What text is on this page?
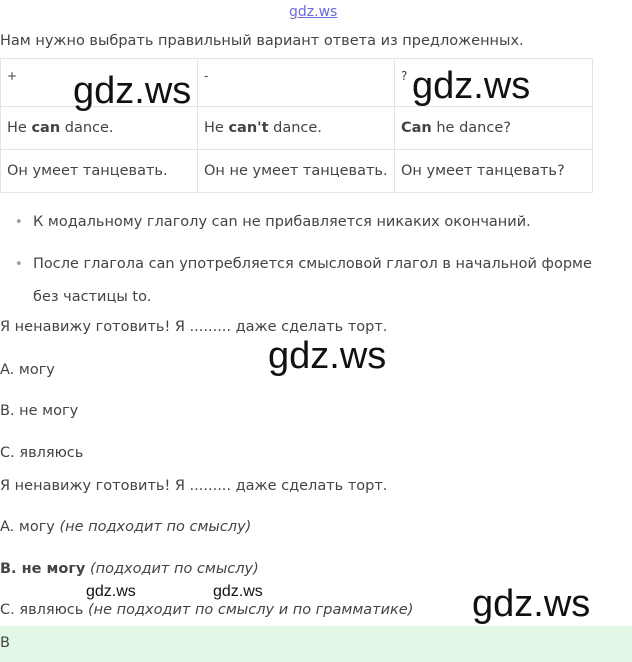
gdz.ws
Нам нужно выбрать правильный вариант ответа из предложенных.
+	-	?
He can dance.	He can't dance.	Can he dance?
Он умеет танцевать.	Он не умеет танцевать.	Он умеет танцевать?
• К модальному глаголу can не прибавляется никаких окончаний.
• После глагола can употребляется смысловой глагол в начальной форме
без частицы to.
Я ненавижу готовить! Я ......... даже сделать торт.
A. могу
B. не могу
C. являюсь
Я ненавижу готовить! Я ......... даже сделать торт.
A. могу (не подходит по смыслу)
B. не могу (подходит по смыслу)
C. являюсь (не подходит по смыслу и по грамматике)
B
gdz.ws	gdz.ws
gdz.ws
gdz.ws
gdz.ws	gdz.ws
